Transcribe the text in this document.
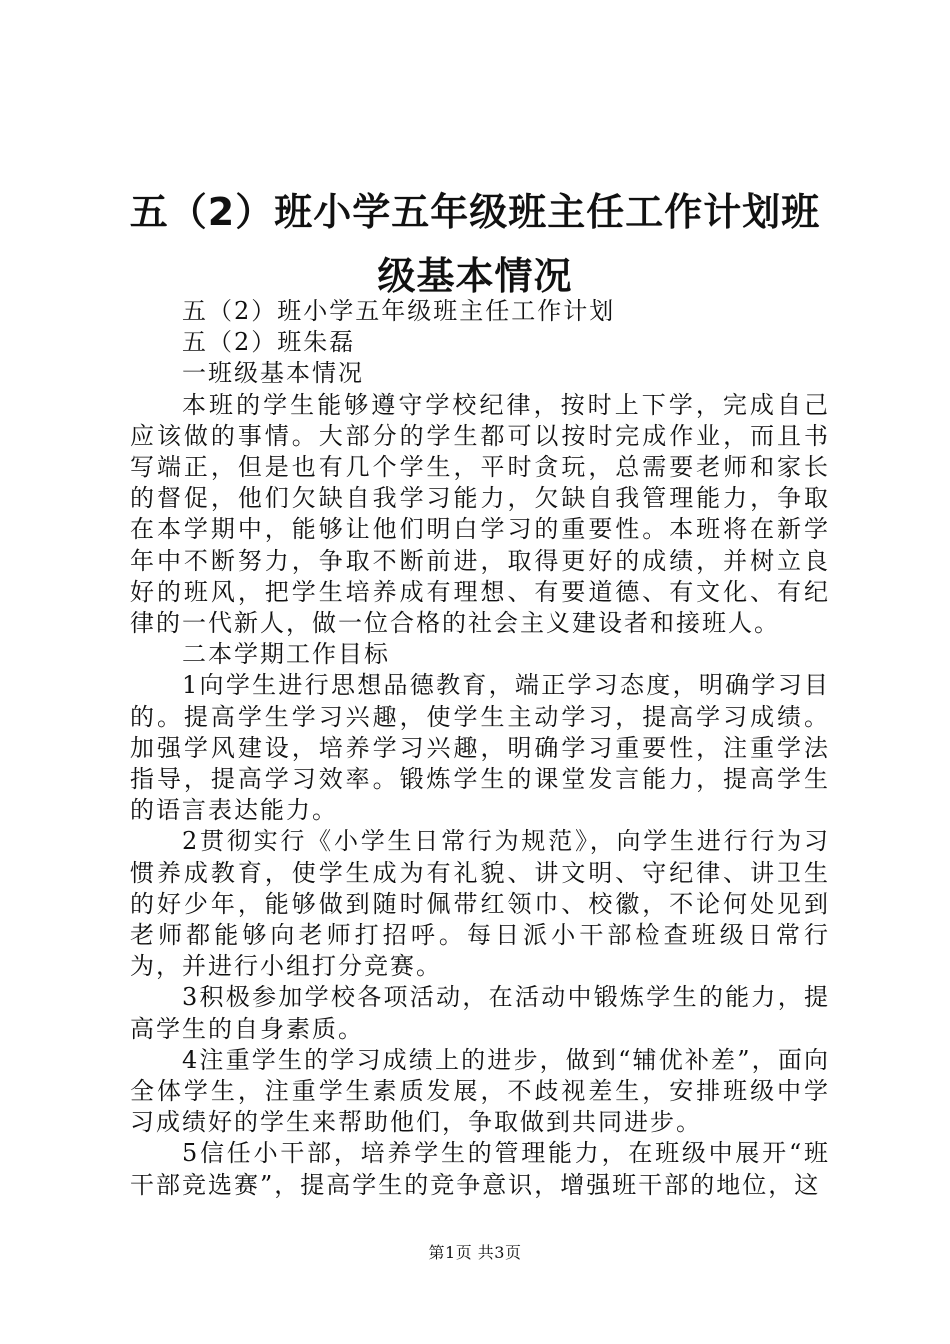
五（2）班小学五年级班主任工作计划班级基本情况

五（2）班小学五年级班主任工作计划

五（2）班朱磊

一班级基本情况

本班的学生能够遵守学校纪律，按时上下学，完成自己应该做的事情。大部分的学生都可以按时完成作业，而且书写端正，但是也有几个学生，平时贪玩，总需要老师和家长的督促，他们欠缺自我学习能力，欠缺自我管理能力，争取在本学期中，能够让他们明白学习的重要性。本班将在新学年中不断努力，争取不断前进，取得更好的成绩，并树立良好的班风，把学生培养成有理想、有要道德、有文化、有纪律的一代新人，做一位合格的社会主义建设者和接班人。

二本学期工作目标

1向学生进行思想品德教育，端正学习态度，明确学习目的。提高学生学习兴趣，使学生主动学习，提高学习成绩。加强学风建设，培养学习兴趣，明确学习重要性，注重学法指导，提高学习效率。锻炼学生的课堂发言能力，提高学生的语言表达能力。

2贯彻实行《小学生日常行为规范》，向学生进行行为习惯养成教育，使学生成为有礼貌、讲文明、守纪律、讲卫生的好少年，能够做到随时佩带红领巾、校徽，不论何处见到老师都能够向老师打招呼。每日派小干部检查班级日常行为，并进行小组打分竞赛。

3积极参加学校各项活动，在活动中锻炼学生的能力，提高学生的自身素质。

4注重学生的学习成绩上的进步，做到“辅优补差”，面向全体学生，注重学生素质发展，不歧视差生，安排班级中学习成绩好的学生来帮助他们，争取做到共同进步。

5信任小干部，培养学生的管理能力，在班级中展开“班干部竞选赛”，提高学生的竞争意识，增强班干部的地位，这

第1页 共3页
